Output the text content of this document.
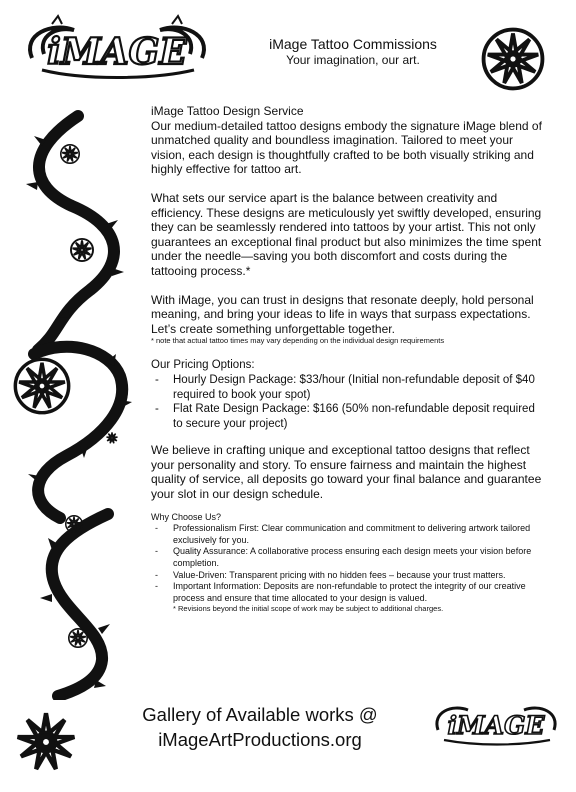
iMAGE	iMage Tattoo Commissions
Your imagination, our art.

iMage Tattoo Design Service

Our medium-detailed tattoo designs embody the signature iMage blend of unmatched quality and boundless imagination. Tailored to meet your vision, each design is thoughtfully crafted to be both visually striking and highly effective for tattoo art.

What sets our service apart is the balance between creativity and efficiency. These designs are meticulously yet swiftly developed, ensuring they can be seamlessly rendered into tattoos by your artist. This not only guarantees an exceptional final product but also minimizes the time spent under the needle—saving you both discomfort and costs during the tattooing process.*

With iMage, you can trust in designs that resonate deeply, hold personal meaning, and bring your ideas to life in ways that surpass expectations. Let’s create something unforgettable together.

* note that actual tattoo times may vary depending on the individual design requirements

Our Pricing Options:

- Hourly Design Package: $33/hour (Initial non-refundable deposit of $40 required to book your spot)
- Flat Rate Design Package: $166 (50% non-refundable deposit required to secure your project)

We believe in crafting unique and exceptional tattoo designs that reflect your personality and story. To ensure fairness and maintain the highest quality of service, all deposits go toward your final balance and guarantee your slot in our design schedule.

Why Choose Us?

- Professionalism First: Clear communication and commitment to delivering artwork tailored exclusively for you.
- Quality Assurance: A collaborative process ensuring each design meets your vision before completion.
- Value-Driven: Transparent pricing with no hidden fees – because your trust matters.
- Important Information: Deposits are non-refundable to protect the integrity of our creative process and ensure that time allocated to your design is valued.

* Revisions beyond the initial scope of work may be subject to additional charges.

Gallery of Available works @
iMageArtProductions.org	iMAGE
